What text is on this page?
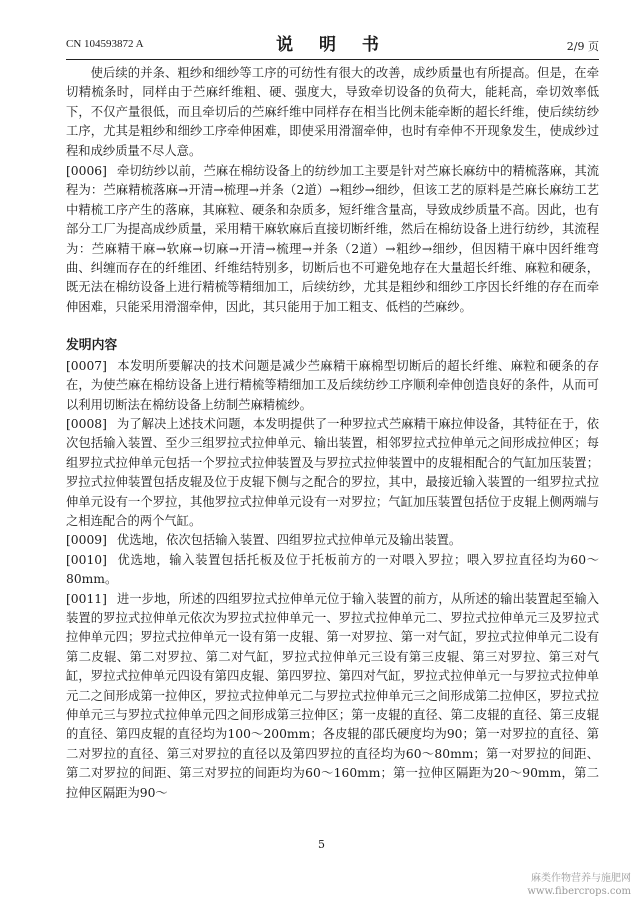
CN 104593872 A	说 明 书	2/9 页

使后续的并条、粗纱和细纱等工序的可纺性有很大的改善，成纱质量也有所提高。但是，在牵切精梳条时，同样由于苎麻纤维粗、硬、强度大，导致牵切设备的负荷大，能耗高，牵切效率低下，不仅产量很低，而且牵切后的苎麻纤维中同样存在相当比例未能牵断的超长纤维，使后续纺纱工序，尤其是粗纱和细纱工序牵伸困难，即使采用滑溜牵伸，也时有牵伸不开现象发生，使成纱过程和成纱质量不尽人意。

[0006] 牵切纺纱以前，苎麻在棉纺设备上的纺纱加工主要是针对苎麻长麻纺中的精梳落麻，其流程为：苎麻精梳落麻→开清→梳理→并条（2道）→粗纱→细纱，但该工艺的原料是苎麻长麻纺工艺中精梳工序产生的落麻，其麻粒、硬条和杂质多，短纤维含量高，导致成纱质量不高。因此，也有部分工厂为提高成纱质量，采用精干麻软麻后直接切断纤维，然后在棉纺设备上进行纺纱，其流程为：苎麻精干麻→软麻→切麻→开清→梳理→并条（2道）→粗纱→细纱，但因精干麻中因纤维弯曲、纠缠而存在的纤维团、纤维结特别多，切断后也不可避免地存在大量超长纤维、麻粒和硬条，既无法在棉纺设备上进行精梳等精细加工，后续纺纱，尤其是粗纱和细纱工序因长纤维的存在而牵伸困难，只能采用滑溜牵伸，因此，其只能用于加工粗支、低档的苎麻纱。

发明内容

[0007] 本发明所要解决的技术问题是减少苎麻精干麻棉型切断后的超长纤维、麻粒和硬条的存在，为使苎麻在棉纺设备上进行精梳等精细加工及后续纺纱工序顺利牵伸创造良好的条件，从而可以利用切断法在棉纺设备上纺制苎麻精梳纱。

[0008] 为了解决上述技术问题，本发明提供了一种罗拉式苎麻精干麻拉伸设备，其特征在于，依次包括输入装置、至少三组罗拉式拉伸单元、输出装置，相邻罗拉式拉伸单元之间形成拉伸区；每组罗拉式拉伸单元包括一个罗拉式拉伸装置及与罗拉式拉伸装置中的皮辊相配合的气缸加压装置；罗拉式拉伸装置包括皮辊及位于皮辊下侧与之配合的罗拉，其中，最接近输入装置的一组罗拉式拉伸单元设有一个罗拉，其他罗拉式拉伸单元设有一对罗拉；气缸加压装置包括位于皮辊上侧两端与之相连配合的两个气缸。

[0009] 优选地，依次包括输入装置、四组罗拉式拉伸单元及输出装置。

[0010] 优选地，输入装置包括托板及位于托板前方的一对喂入罗拉；喂入罗拉直径均为60～80mm。

[0011] 进一步地，所述的四组罗拉式拉伸单元位于输入装置的前方，从所述的输出装置起至输入装置的罗拉式拉伸单元依次为罗拉式拉伸单元一、罗拉式拉伸单元二、罗拉式拉伸单元三及罗拉式拉伸单元四；罗拉式拉伸单元一设有第一皮辊、第一对罗拉、第一对气缸，罗拉式拉伸单元二设有第二皮辊、第二对罗拉、第二对气缸，罗拉式拉伸单元三设有第三皮辊、第三对罗拉、第三对气缸，罗拉式拉伸单元四设有第四皮辊、第四罗拉、第四对气缸，罗拉式拉伸单元一与罗拉式拉伸单元二之间形成第一拉伸区，罗拉式拉伸单元二与罗拉式拉伸单元三之间形成第二拉伸区，罗拉式拉伸单元三与罗拉式拉伸单元四之间形成第三拉伸区；第一皮辊的直径、第二皮辊的直径、第三皮辊的直径、第四皮辊的直径均为100～200mm；各皮辊的邵氏硬度均为90；第一对罗拉的直径、第二对罗拉的直径、第三对罗拉的直径以及第四罗拉的直径均为60～80mm；第一对罗拉的间距、第二对罗拉的间距、第三对罗拉的间距均为60～160mm；第一拉伸区隔距为20～90mm，第二拉伸区隔距为90～

5
麻类作物营养与施肥网
www.fibercrops.com
